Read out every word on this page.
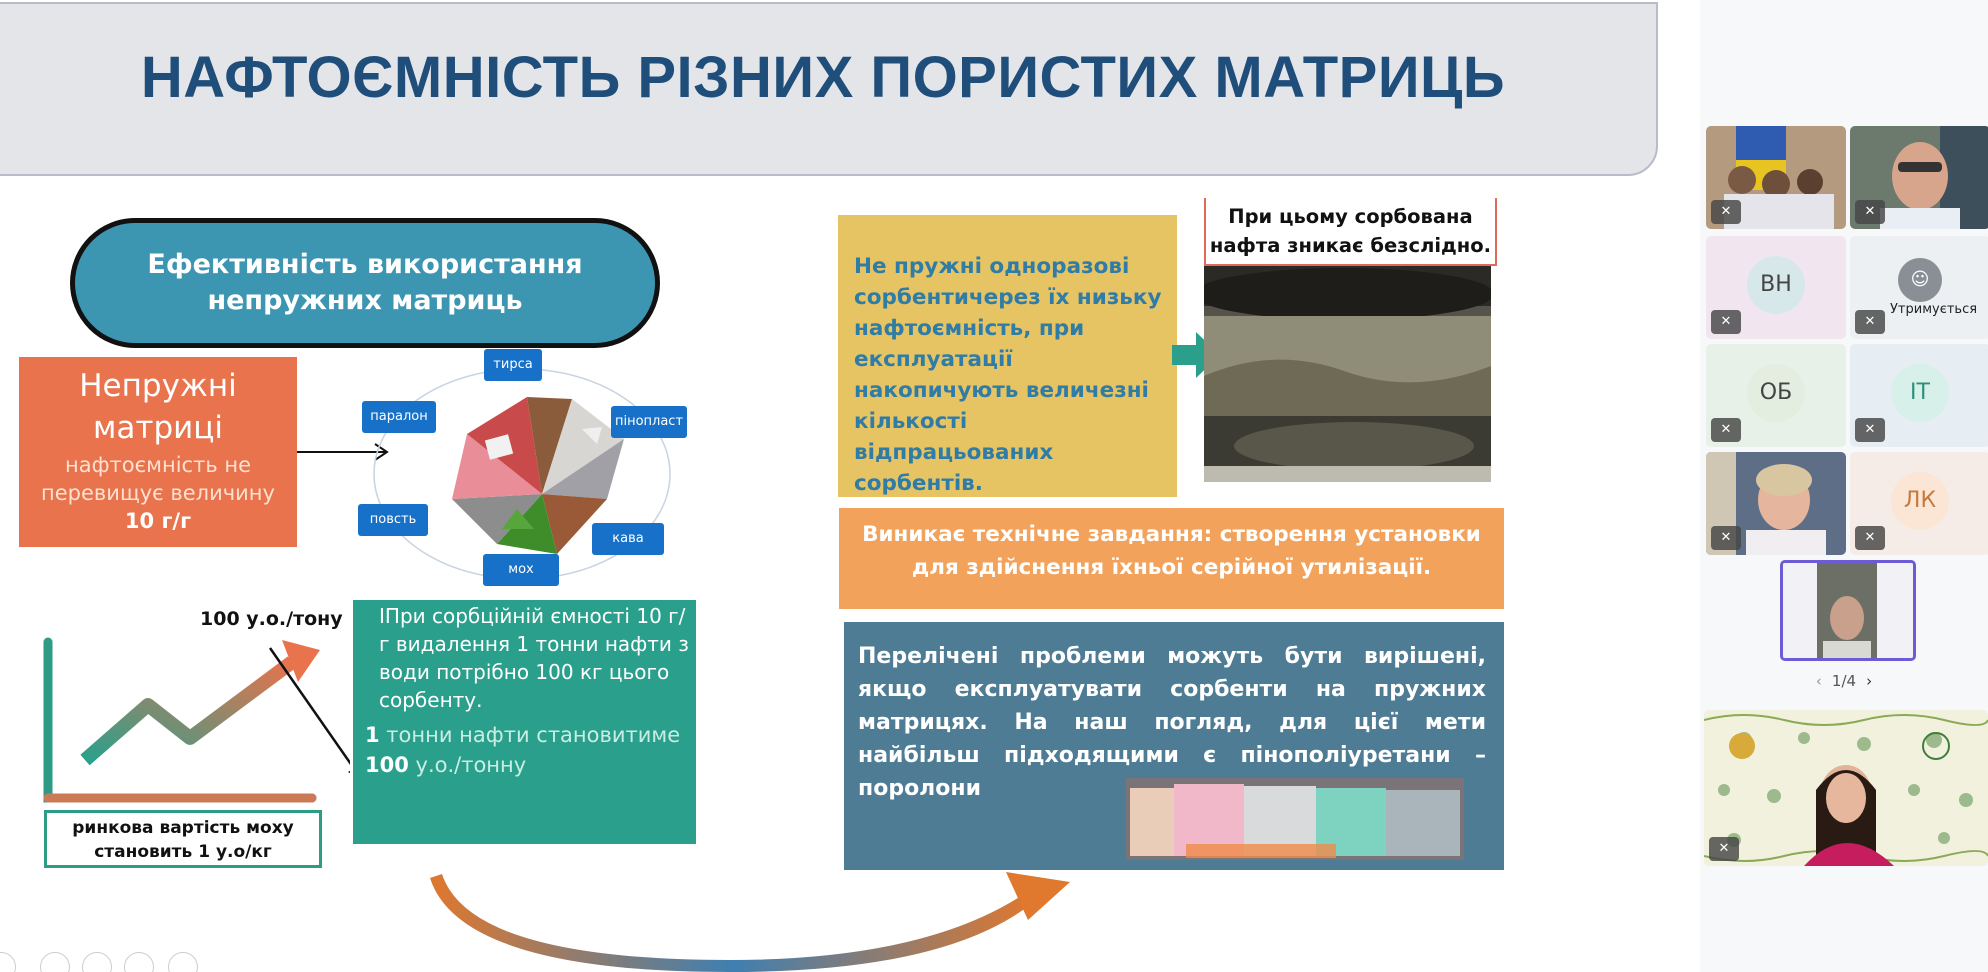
НАФТОЄМНІСТЬ РІЗНИХ ПОРИСТИХ МАТРИЦЬ
Ефективність використання непружних матриць
Непружні матриці
нафтоємність не перевищує величину
10 г/г
тирса
паралон	пінопласт
повсть
кава
мох
100 у.о./тону
ринкова вартість моху становить 1 у.о/кг
ІПри сорбційній ємності 10 г/г видалення 1 тонни нафти з води потрібно 100 кг цього сорбенту.
1 тонни нафти становитиме 100 у.о./тонну
Не пружні одноразові сорбентичерез їх низьку нафтоємність, при експлуатації накопичують величезні кількості відпрацьованих сорбентів.
При цьому сорбована нафта зникає безслідно.
Виникає технічне завдання: створення установки для здійснення їхньої серійної утилізації.
Перелічені проблеми можуть бути вирішені, якщо експлуатувати сорбенти на пружних матрицях. На наш погляд, для цієї мети найбільш підходящими є пінополіуретани – поролони
✕	✕
ВН
✕
☺
Утримується
✕
ОБ
✕
ІТ
✕
✕
ЛК
✕
‹ 1/4 ›
✕
